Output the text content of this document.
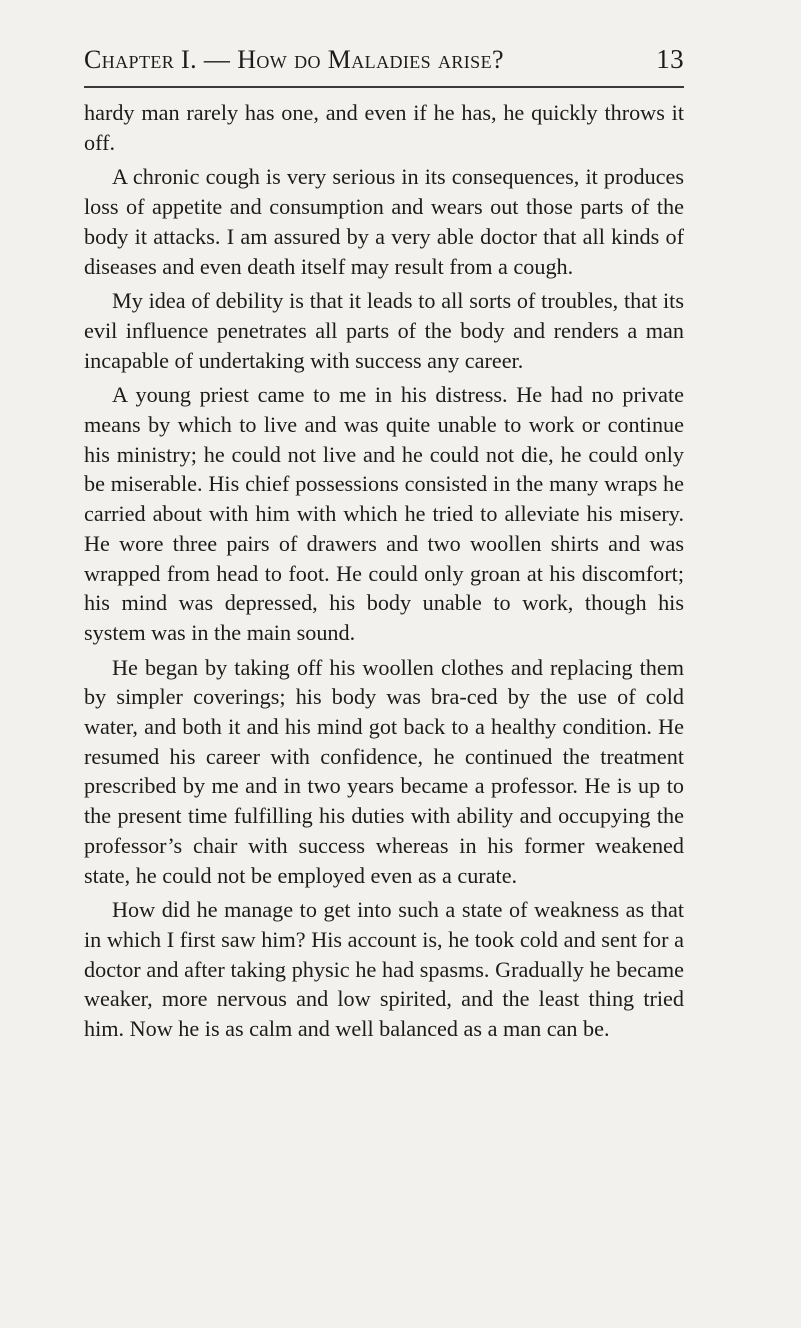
Chapter I. — How do Maladies arise?	13

hardy man rarely has one, and even if he has, he quickly throws it off.

A chronic cough is very serious in its consequences, it produces loss of appetite and consumption and wears out those parts of the body it attacks. I am assured by a very able doctor that all kinds of diseases and even death itself may result from a cough.

My idea of debility is that it leads to all sorts of troubles, that its evil influence penetrates all parts of the body and renders a man incapable of undertaking with success any career.

A young priest came to me in his distress. He had no private means by which to live and was quite unable to work or continue his ministry; he could not live and he could not die, he could only be miserable. His chief possessions consisted in the many wraps he carried about with him with which he tried to alleviate his misery. He wore three pairs of drawers and two woollen shirts and was wrapped from head to foot. He could only groan at his discomfort; his mind was depressed, his body unable to work, though his system was in the main sound.

He began by taking off his woollen clothes and replacing them by simpler coverings; his body was bra-ced by the use of cold water, and both it and his mind got back to a healthy condition. He resumed his career with confidence, he continued the treatment prescribed by me and in two years became a professor. He is up to the present time fulfilling his duties with ability and occupying the professor’s chair with success whereas in his former weakened state, he could not be employed even as a curate.

How did he manage to get into such a state of weakness as that in which I first saw him? His account is, he took cold and sent for a doctor and after taking physic he had spasms. Gradually he became weaker, more nervous and low spirited, and the least thing tried him. Now he is as calm and well balanced as a man can be.
